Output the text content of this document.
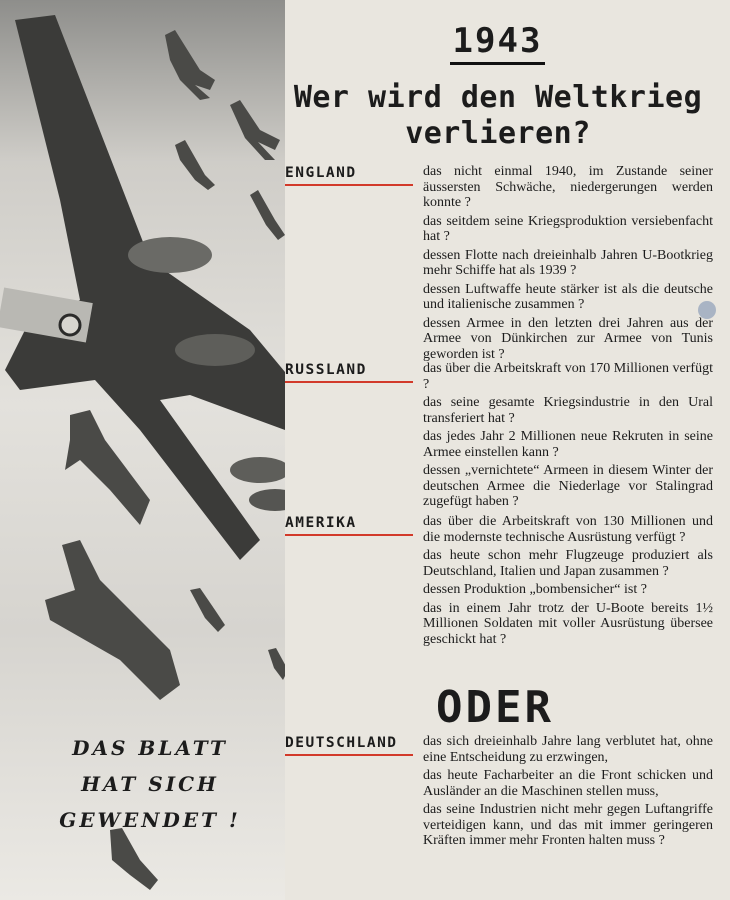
1943
Wer wird den Weltkrieg
verlieren?
ENGLAND	das nicht einmal 1940, im Zustande seiner äussersten Schwäche, niedergerungen werden konnte ?

das seitdem seine Kriegsproduktion versiebenfacht hat ?

dessen Flotte nach dreieinhalb Jahren U-Bootkrieg mehr Schiffe hat als 1939 ?

dessen Luftwaffe heute stärker ist als die deutsche und italienische zusammen ?

dessen Armee in den letzten drei Jahren aus der Armee von Dünkirchen zur Armee von Tunis geworden ist ?

RUSSLAND	das über die Arbeitskraft von 170 Millionen verfügt ?

das seine gesamte Kriegsindustrie in den Ural transferiert hat ?

das jedes Jahr 2 Millionen neue Rekruten in seine Armee einstellen kann ?

dessen „vernichtete“ Armeen in diesem Winter der deutschen Armee die Niederlage vor Stalingrad zugefügt haben ?

AMERIKA	das über die Arbeitskraft von 130 Millionen und die modernste technische Ausrüstung verfügt ?

das heute schon mehr Flugzeuge produziert als Deutschland, Italien und Japan zusammen ?

dessen Produktion „bombensicher“ ist ?

das in einem Jahr trotz der U-Boote bereits 1½ Millionen Soldaten mit voller Ausrüstung übersee geschickt hat ?

ODER
DEUTSCHLAND	das sich dreieinhalb Jahre lang verblutet hat, ohne eine Entscheidung zu erzwingen,

das heute Facharbeiter an die Front schicken und Ausländer an die Maschinen stellen muss,

das seine Industrien nicht mehr gegen Luftangriffe verteidigen kann, und das mit immer geringeren Kräften immer mehr Fronten halten muss ?

DAS BLATT
HAT SICH
GEWENDET !
